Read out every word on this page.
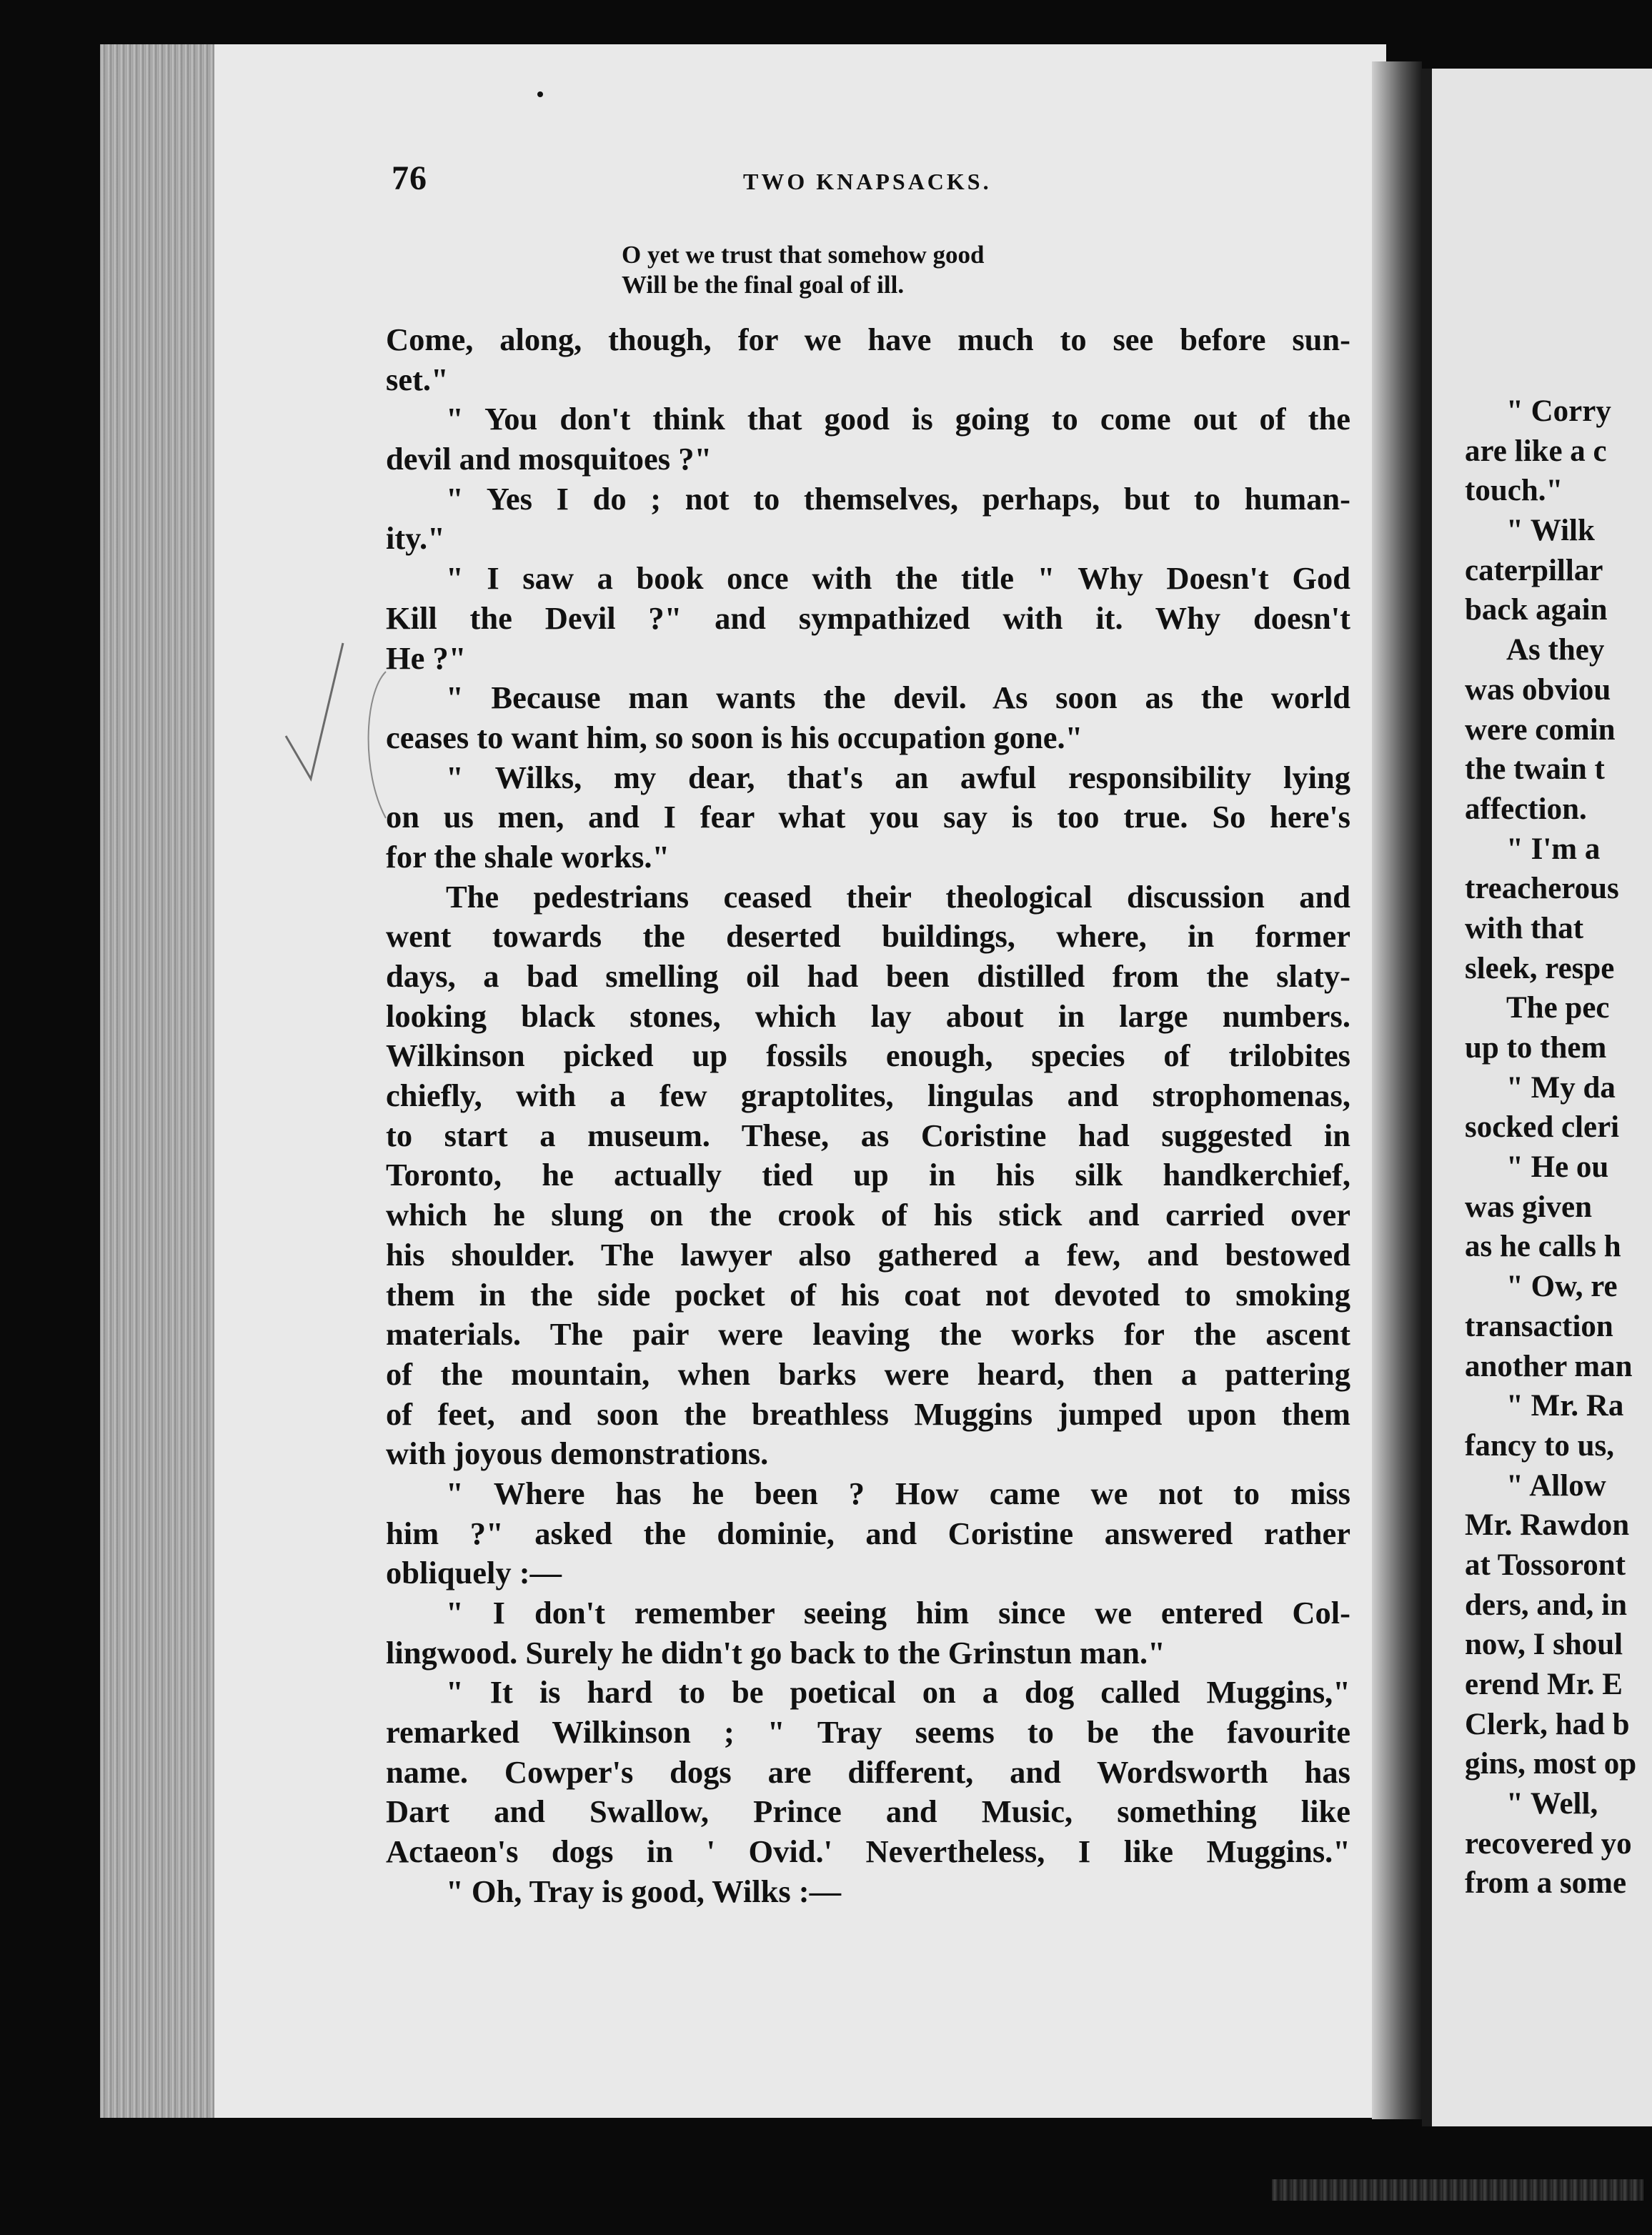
76	TWO KNAPSACKS.
O yet we trust that somehow good
Will be the final goal of ill.
Come, along, though, for we have much to see before sun-
set."
" You don't think that good is going to come out of the
devil and mosquitoes ?"
" Yes I do ; not to themselves, perhaps, but to human-
ity."
" I saw a book once with the title " Why Doesn't God
Kill the Devil ?" and sympathized with it. Why doesn't
He ?"
" Because man wants the devil. As soon as the world
ceases to want him, so soon is his occupation gone."
" Wilks, my dear, that's an awful responsibility lying
on us men, and I fear what you say is too true. So here's
for the shale works."
The pedestrians ceased their theological discussion and
went towards the deserted buildings, where, in former
days, a bad smelling oil had been distilled from the slaty-
looking black stones, which lay about in large numbers.
Wilkinson picked up fossils enough, species of trilobites
chiefly, with a few graptolites, lingulas and strophomenas,
to start a museum. These, as Coristine had suggested in
Toronto, he actually tied up in his silk handkerchief,
which he slung on the crook of his stick and carried over
his shoulder. The lawyer also gathered a few, and bestowed
them in the side pocket of his coat not devoted to smoking
materials. The pair were leaving the works for the ascent
of the mountain, when barks were heard, then a pattering
of feet, and soon the breathless Muggins jumped upon them
with joyous demonstrations.
" Where has he been ? How came we not to miss
him ?" asked the dominie, and Coristine answered rather
obliquely :—
" I don't remember seeing him since we entered Col-
lingwood. Surely he didn't go back to the Grinstun man."
" It is hard to be poetical on a dog called Muggins,"
remarked Wilkinson ; " Tray seems to be the favourite
name. Cowper's dogs are different, and Wordsworth has
Dart and Swallow, Prince and Music, something like
Actaeon's dogs in ' Ovid.' Nevertheless, I like Muggins."
" Oh, Tray is good, Wilks :—
" Corry
are like a c
touch."
" Wilk
caterpillar
back again
As they
was obviou
were comin
the twain t
affection.
" I'm a
treacherous
with that
sleek, respe
The pec
up to them
" My da
socked cleri
" He ou
was given
as he calls h
" Ow, re
transaction
another man
" Mr. Ra
fancy to us,
" Allow
Mr. Rawdon
at Tossoront
ders, and, in
now, I shoul
erend Mr. E
Clerk, had b
gins, most op
" Well,
recovered yo
from a some
